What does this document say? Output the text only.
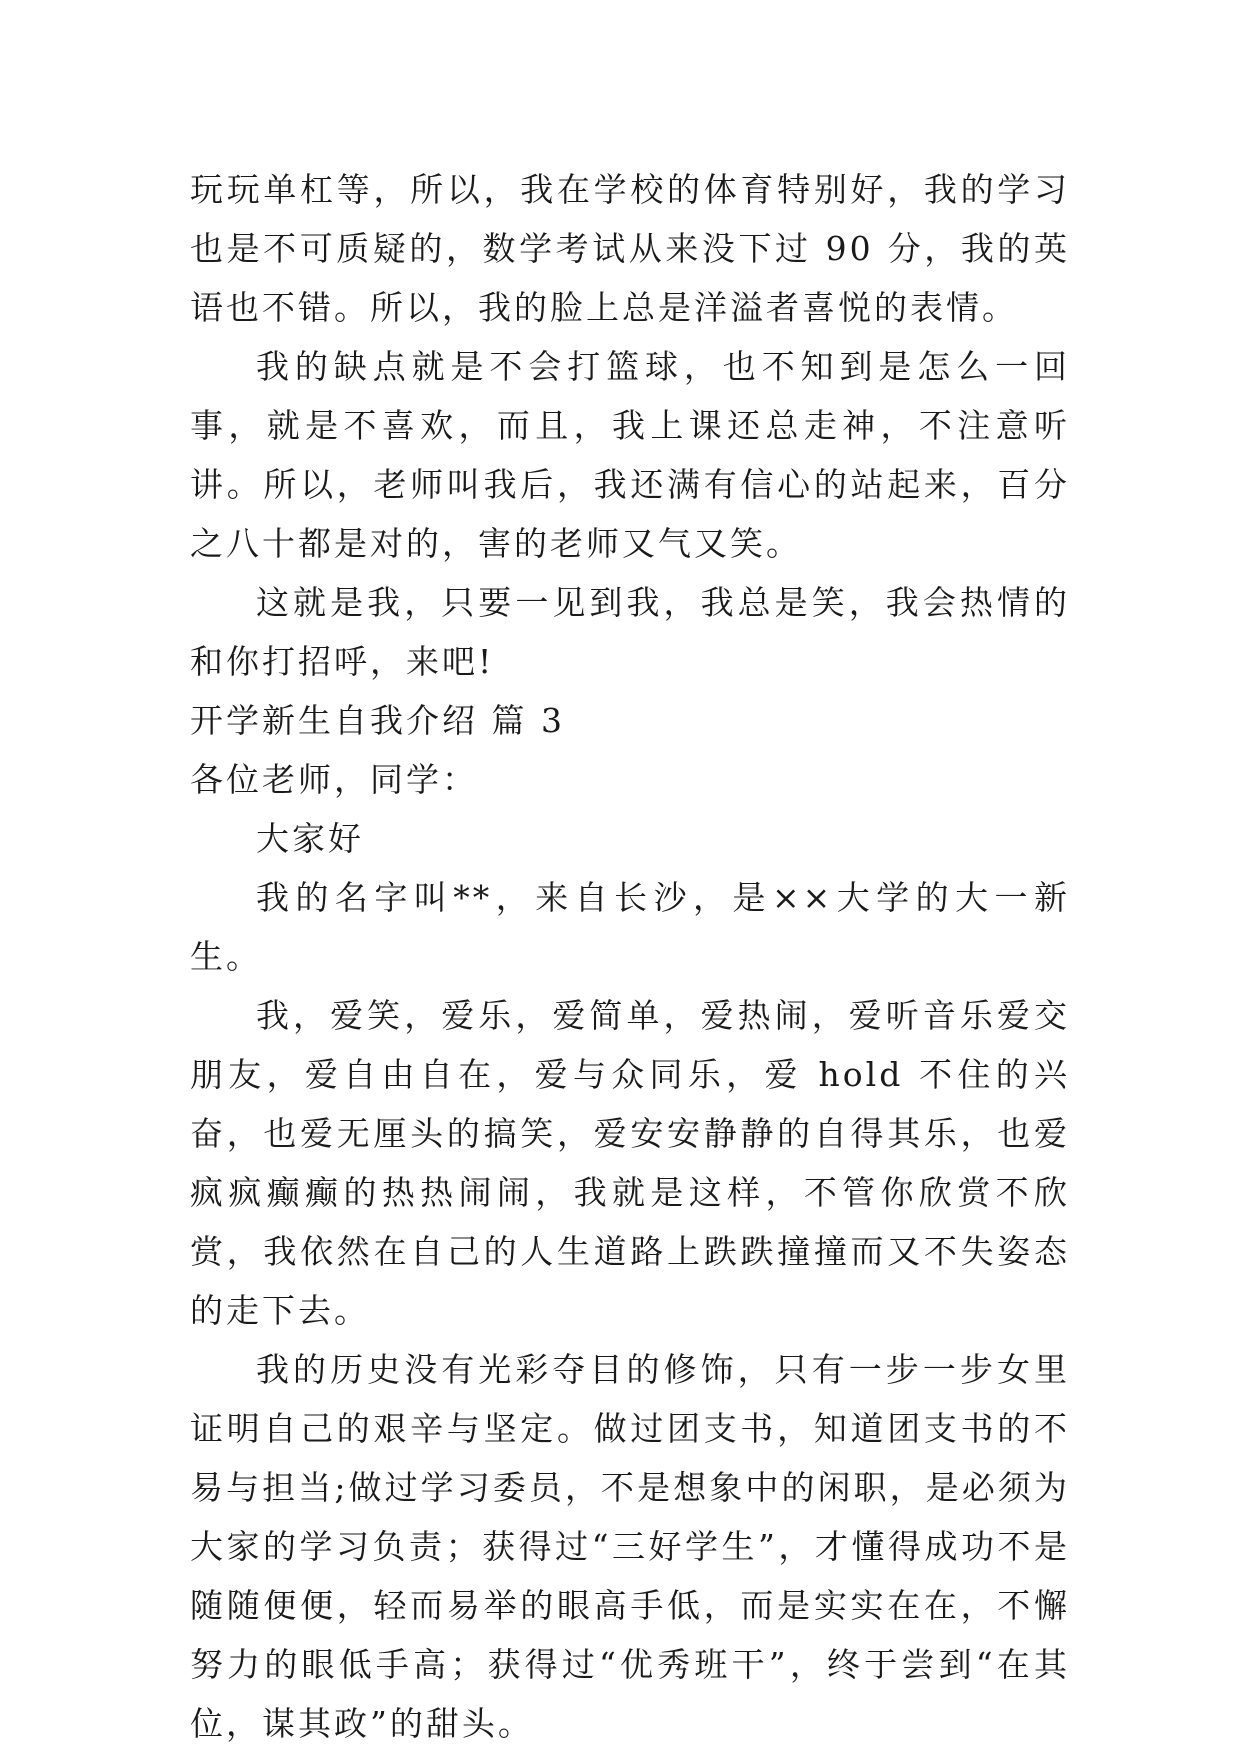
玩玩单杠等，所以，我在学校的体育特别好，我的学习也是不可质疑的，数学考试从来没下过 90 分，我的英语也不错。所以，我的脸上总是洋溢者喜悦的表情。

我的缺点就是不会打篮球，也不知到是怎么一回事，就是不喜欢，而且，我上课还总走神，不注意听讲。所以，老师叫我后，我还满有信心的站起来，百分之八十都是对的，害的老师又气又笑。

这就是我，只要一见到我，我总是笑，我会热情的和你打招呼，来吧!

开学新生自我介绍 篇 3

各位老师，同学：

大家好

我的名字叫**，来自长沙，是××大学的大一新生。

我，爱笑，爱乐，爱简单，爱热闹，爱听音乐爱交朋友，爱自由自在，爱与众同乐，爱 hold 不住的兴奋，也爱无厘头的搞笑，爱安安静静的自得其乐，也爱疯疯癫癫的热热闹闹，我就是这样，不管你欣赏不欣赏，我依然在自己的人生道路上跌跌撞撞而又不失姿态的走下去。

我的历史没有光彩夺目的修饰，只有一步一步女里证明自己的艰辛与坚定。做过团支书，知道团支书的不易与担当;做过学习委员，不是想象中的闲职，是必须为大家的学习负责；获得过“三好学生”，才懂得成功不是随随便便，轻而易举的眼高手低，而是实实在在，不懈努力的眼低手高；获得过“优秀班干”，终于尝到“在其位，谋其政”的甜头。
